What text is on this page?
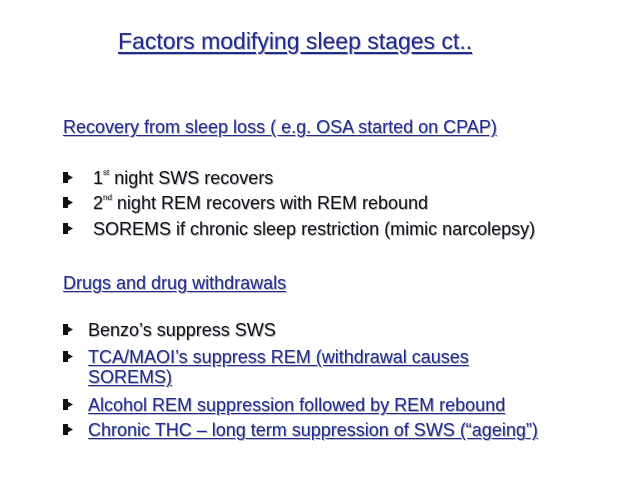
Factors modifying sleep stages ct..
Recovery from sleep loss ( e.g. OSA started on CPAP)
1st night SWS recovers
2nd night REM recovers with REM rebound
SOREMS if chronic sleep restriction (mimic narcolepsy)
Drugs and drug withdrawals
Benzo’s suppress SWS
TCA/MAOI’s suppress REM (withdrawal causes
SOREMS)
Alcohol REM suppression followed by REM rebound
Chronic THC – long term suppression of SWS (“ageing”)
